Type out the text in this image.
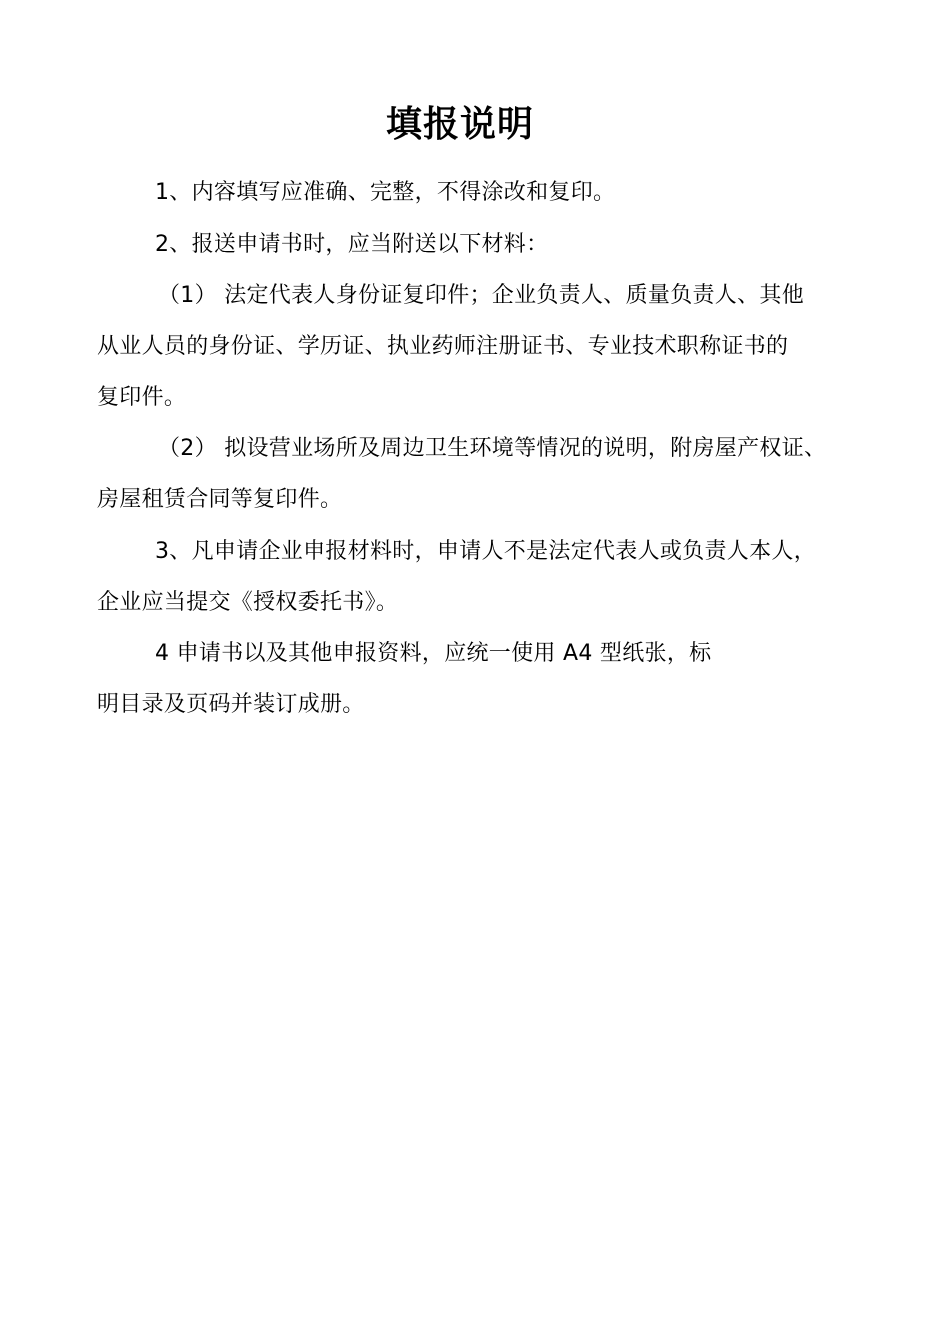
填报说明
1、内容填写应准确、完整，不得涂改和复印。
2、报送申请书时，应当附送以下材料：
（1） 法定代表人身份证复印件；企业负责人、质量负责人、其他
从业人员的身份证、学历证、执业药师注册证书、专业技术职称证书的
复印件。
（2） 拟设营业场所及周边卫生环境等情况的说明，附房屋产权证、
房屋租赁合同等复印件。
3、凡申请企业申报材料时，申请人不是法定代表人或负责人本人，
企业应当提交《授权委托书》。
4 申请书以及其他申报资料，应统一使用 A4 型纸张，标
明目录及页码并装订成册。
